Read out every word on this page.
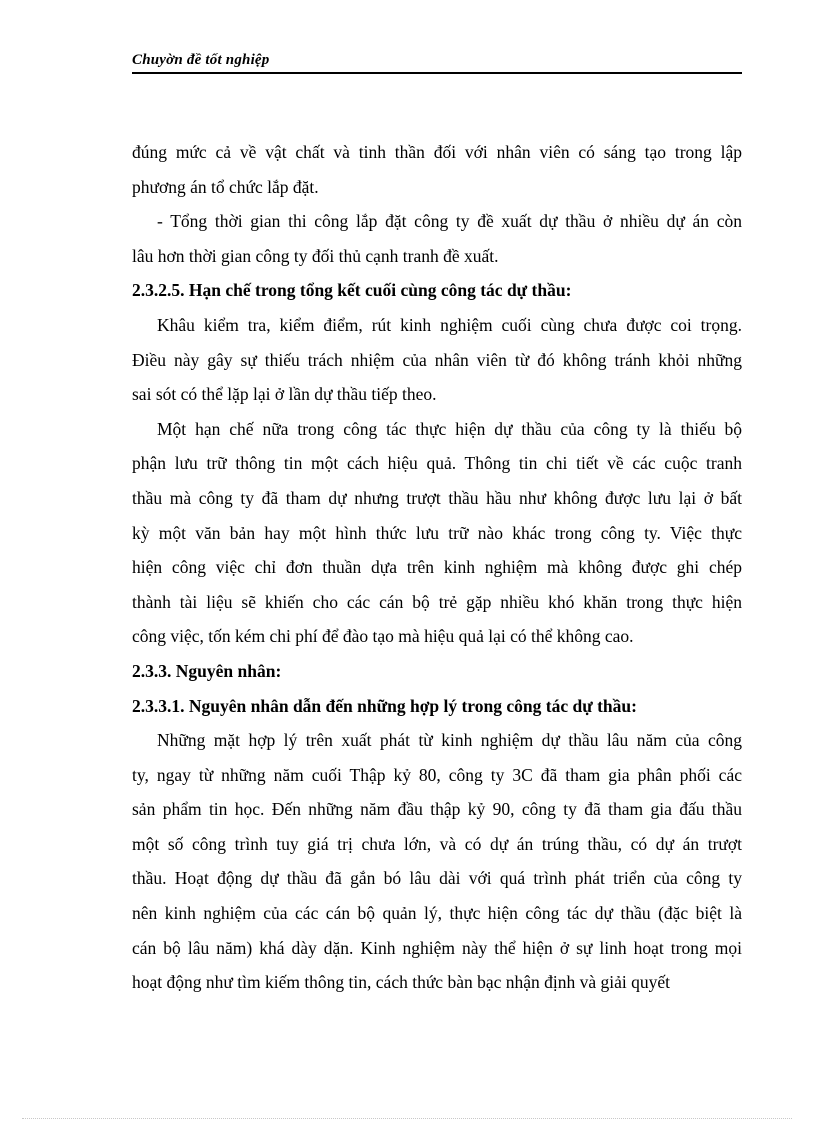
Chuyờn đề tốt nghiệp
đúng mức cả về vật chất và tinh thần đối với nhân viên có sáng tạo trong lập
phương án tổ chức lắp đặt.
- Tổng thời gian thi công lắp đặt công ty đề xuất dự thầu ở nhiều dự án còn
lâu hơn thời gian công ty đối thủ cạnh tranh đề xuất.
2.3.2.5. Hạn chế trong tổng kết cuối cùng công tác dự thầu:
Khâu kiểm tra, kiểm điểm, rút kinh nghiệm cuối cùng chưa được coi trọng.
Điều này gây sự thiếu trách nhiệm của nhân viên từ đó không tránh khỏi những
sai sót có thể lặp lại ở lần dự thầu tiếp theo.
Một hạn chế nữa trong công tác thực hiện dự thầu của công ty là thiếu bộ
phận lưu trữ thông tin một cách hiệu quả. Thông tin chi tiết về các cuộc tranh
thầu mà công ty đã tham dự nhưng trượt thầu hầu như không được lưu lại ở bất
kỳ một văn bản hay một hình thức lưu trữ nào khác trong công ty. Việc thực
hiện công việc chỉ đơn thuần dựa trên kinh nghiệm mà không được ghi chép
thành tài liệu sẽ khiến cho các cán bộ trẻ gặp nhiều khó khăn trong thực hiện
công việc, tốn kém chi phí để đào tạo mà hiệu quả lại có thể không cao.
2.3.3. Nguyên nhân:
2.3.3.1. Nguyên nhân dẫn đến những hợp lý trong công tác dự thầu:
Những mặt hợp lý trên xuất phát từ kinh nghiệm dự thầu lâu năm của công
ty, ngay từ những năm cuối Thập kỷ 80, công ty 3C đã tham gia phân phối các
sản phẩm tin học. Đến những năm đầu thập kỷ 90, công ty đã tham gia đấu thầu
một số công trình tuy giá trị chưa lớn, và có dự án trúng thầu, có dự án trượt
thầu. Hoạt động dự thầu đã gắn bó lâu dài với quá trình phát triển của công ty
nên kinh nghiệm của các cán bộ quản lý, thực hiện công tác dự thầu (đặc biệt là
cán bộ lâu năm) khá dày dặn. Kinh nghiệm này thể hiện ở sự linh hoạt trong mọi
hoạt động như tìm kiếm thông tin, cách thức bàn bạc nhận định và giải quyết
